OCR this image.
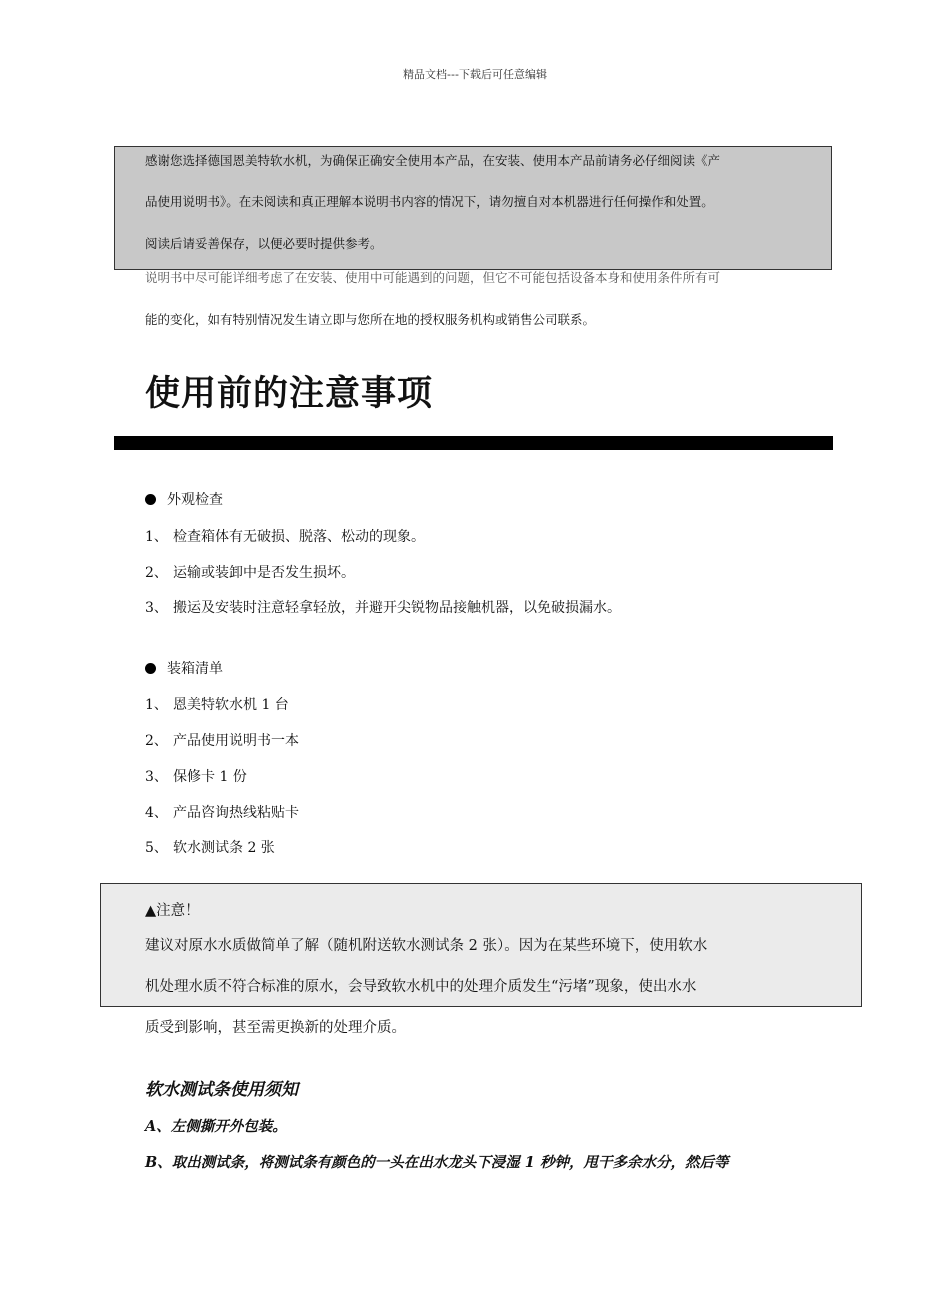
精品文档---下载后可任意编辑
说明书中尽可能详细考虑了在安装、使用中可能遇到的问题，但它不可能包括设备本身和使用条件所有可
能的变化，如有特别情况发生请立即与您所在地的授权服务机构或销售公司联系。
感谢您选择德国恩美特软水机，为确保正确安全使用本产品，在安装、使用本产品前请务必仔细阅读《产
品使用说明书》。在未阅读和真正理解本说明书内容的情况下，请勿擅自对本机器进行任何操作和处置。
阅读后请妥善保存，以便必要时提供参考。
使用前的注意事项
外观检查
1、 检查箱体有无破损、脱落、松动的现象。
2、 运输或装卸中是否发生损坏。
3、 搬运及安装时注意轻拿轻放，并避开尖锐物品接触机器，以免破损漏水。
装箱清单
1、 恩美特软水机 1 台
2、 产品使用说明书一本
3、 保修卡 1 份
4、 产品咨询热线粘贴卡
5、 软水测试条 2 张
▲注意！
建议对原水水质做简单了解（随机附送软水测试条 2 张）。因为在某些环境下，使用软水
机处理水质不符合标准的原水，会导致软水机中的处理介质发生“污堵”现象，使出水水
质受到影响，甚至需更换新的处理介质。
软水测试条使用须知
A、左侧撕开外包装。
B、取出测试条，将测试条有颜色的一头在出水龙头下浸湿 1 秒钟，甩干多余水分，然后等
